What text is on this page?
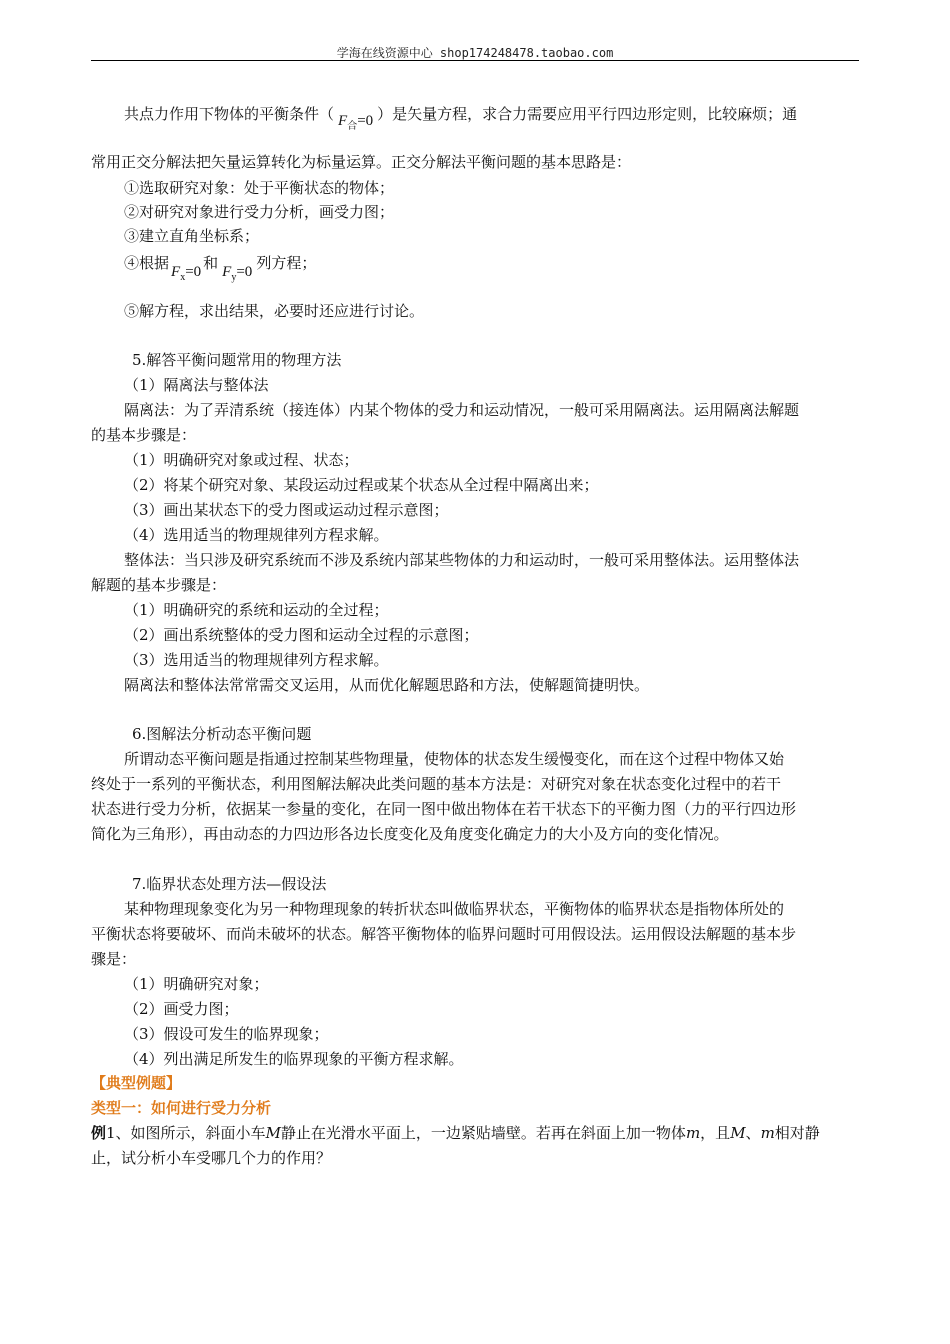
学海在线资源中心 shop174248478.taobao.com
共点力作用下物体的平衡条件（ $F_合=0$ ）是矢量方程，求合力需要应用平行四边形定则，比较麻烦；通
常用正交分解法把矢量运算转化为标量运算。正交分解法平衡问题的基本思路是：
①选取研究对象：处于平衡状态的物体；
②对研究对象进行受力分析，画受力图；
③建立直角坐标系；
④根据 $F_x=0$ 和 $F_y=0$ 列方程；
⑤解方程，求出结果，必要时还应进行讨论。
5.解答平衡问题常用的物理方法
（1）隔离法与整体法
隔离法：为了弄清系统（接连体）内某个物体的受力和运动情况，一般可采用隔离法。运用隔离法解题
的基本步骤是：
（1）明确研究对象或过程、状态；
（2）将某个研究对象、某段运动过程或某个状态从全过程中隔离出来；
（3）画出某状态下的受力图或运动过程示意图；
（4）选用适当的物理规律列方程求解。
整体法：当只涉及研究系统而不涉及系统内部某些物体的力和运动时，一般可采用整体法。运用整体法
解题的基本步骤是：
（1）明确研究的系统和运动的全过程；
（2）画出系统整体的受力图和运动全过程的示意图；
（3）选用适当的物理规律列方程求解。
隔离法和整体法常常需交叉运用，从而优化解题思路和方法，使解题简捷明快。
6.图解法分析动态平衡问题
所谓动态平衡问题是指通过控制某些物理量，使物体的状态发生缓慢变化，而在这个过程中物体又始
终处于一系列的平衡状态，利用图解法解决此类问题的基本方法是：对研究对象在状态变化过程中的若干
状态进行受力分析，依据某一参量的变化，在同一图中做出物体在若干状态下的平衡力图（力的平行四边形
简化为三角形），再由动态的力四边形各边长度变化及角度变化确定力的大小及方向的变化情况。
7.临界状态处理方法—假设法
某种物理现象变化为另一种物理现象的转折状态叫做临界状态，平衡物体的临界状态是指物体所处的
平衡状态将要破坏、而尚未破坏的状态。解答平衡物体的临界问题时可用假设法。运用假设法解题的基本步
骤是：
（1）明确研究对象；
（2）画受力图；
（3）假设可发生的临界现象；
（4）列出满足所发生的临界现象的平衡方程求解。
【典型例题】
类型一：如何进行受力分析
例1、如图所示，斜面小车M静止在光滑水平面上，一边紧贴墙壁。若再在斜面上加一物体m，且M、m相对静
止，试分析小车受哪几个力的作用？
